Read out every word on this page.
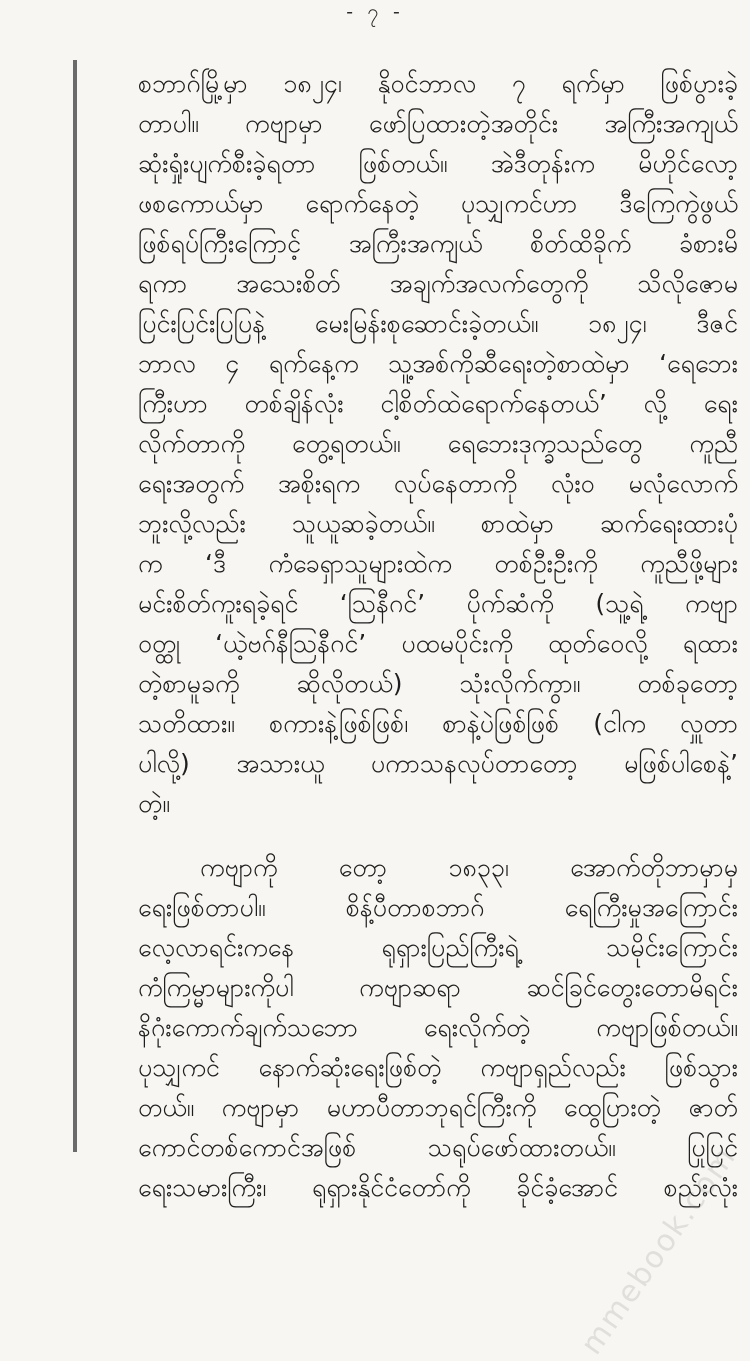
- ၇ -
စဘာဂ်မြို့မှာ ၁၈၂၄၊ နိုဝင်ဘာလ ၇ ရက်မှာ ဖြစ်ပွားခဲ့
တာပါ။ ကဗျာမှာ ဖော်ပြထားတဲ့အတိုင်း အကြီးအကျယ်
ဆုံးရှုံးပျက်စီးခဲ့ရတာ ဖြစ်တယ်။ အဲဒီတုန်းက မိဟိုင်လော့
ဖစကောယ်မှာ ရောက်နေတဲ့ ပုသျှကင်ဟာ ဒီကြေကွဲဖွယ်
ဖြစ်ရပ်ကြီးကြောင့် အကြီးအကျယ် စိတ်ထိခိုက် ခံစားမိ
ရကာ အသေးစိတ် အချက်အလက်တွေကို သိလိုဇောမ
ပြင်းပြင်းပြပြနဲ့ မေးမြန်းစုဆောင်းခဲ့တယ်။ ၁၈၂၄၊ ဒီဇင်
ဘာလ ၄ ရက်နေ့က သူ့အစ်ကိုဆီရေးတဲ့စာထဲမှာ ‘ရေဘေး
ကြီးဟာ တစ်ချိန်လုံး ငါ့စိတ်ထဲရောက်နေတယ်’ လို့ ရေး
လိုက်တာကို တွေ့ရတယ်။ ရေဘေးဒုက္ခသည်တွေ ကူညီ
ရေးအတွက် အစိုးရက လုပ်နေတာကို လုံးဝ မလုံလောက်
ဘူးလို့လည်း သူယူဆခဲ့တယ်။ စာထဲမှာ ဆက်ရေးထားပုံ
က ‘ဒီ ကံခေရှာသူများထဲက တစ်ဦးဦးကို ကူညီဖို့များ
မင်းစိတ်ကူးရခဲ့ရင် ‘ဩနီဂင်’ ပိုက်ဆံကို (သူ့ရဲ့ ကဗျာ
ဝတ္ထု ‘ယဲ့ဗဂ်နီဩနီဂင်’ ပထမပိုင်းကို ထုတ်ဝေလို့ ရထား
တဲ့စာမူခကို ဆိုလိုတယ်) သုံးလိုက်ကွာ။ တစ်ခုတော့
သတိထား။ စကားနဲ့ဖြစ်ဖြစ်၊ စာနဲ့ပဲဖြစ်ဖြစ် (ငါက လှူတာ
ပါလို့) အသားယူ ပကာသနလုပ်တာတော့ မဖြစ်ပါစေနဲ့’
တဲ့။
ကဗျာကို တော့ ၁၈၃၃၊ အောက်တိုဘာမှာမှ
ရေးဖြစ်တာပါ။ စိန့်ပီတာစဘာဂ် ရေကြီးမှုအကြောင်း
လေ့လာရင်းကနေ ရုရှားပြည်ကြီးရဲ့ သမိုင်းကြောင်း
ကံကြမ္မာများကိုပါ ကဗျာဆရာ ဆင်ခြင်တွေးတောမိရင်း
နိဂုံးကောက်ချက်သဘော ရေးလိုက်တဲ့ ကဗျာဖြစ်တယ်။
ပုသျှကင် နောက်ဆုံးရေးဖြစ်တဲ့ ကဗျာရှည်လည်း ဖြစ်သွား
တယ်။ ကဗျာမှာ မဟာပီတာဘုရင်ကြီးကို ထွေပြားတဲ့ ဇာတ်
ကောင်တစ်ကောင်အဖြစ် သရုပ်ဖော်ထားတယ်။ ပြုပြင်
ရေးသမားကြီး၊ ရုရှားနိုင်ငံတော်ကို ခိုင်ခံ့အောင် စည်းလုံး
mmebook.com
